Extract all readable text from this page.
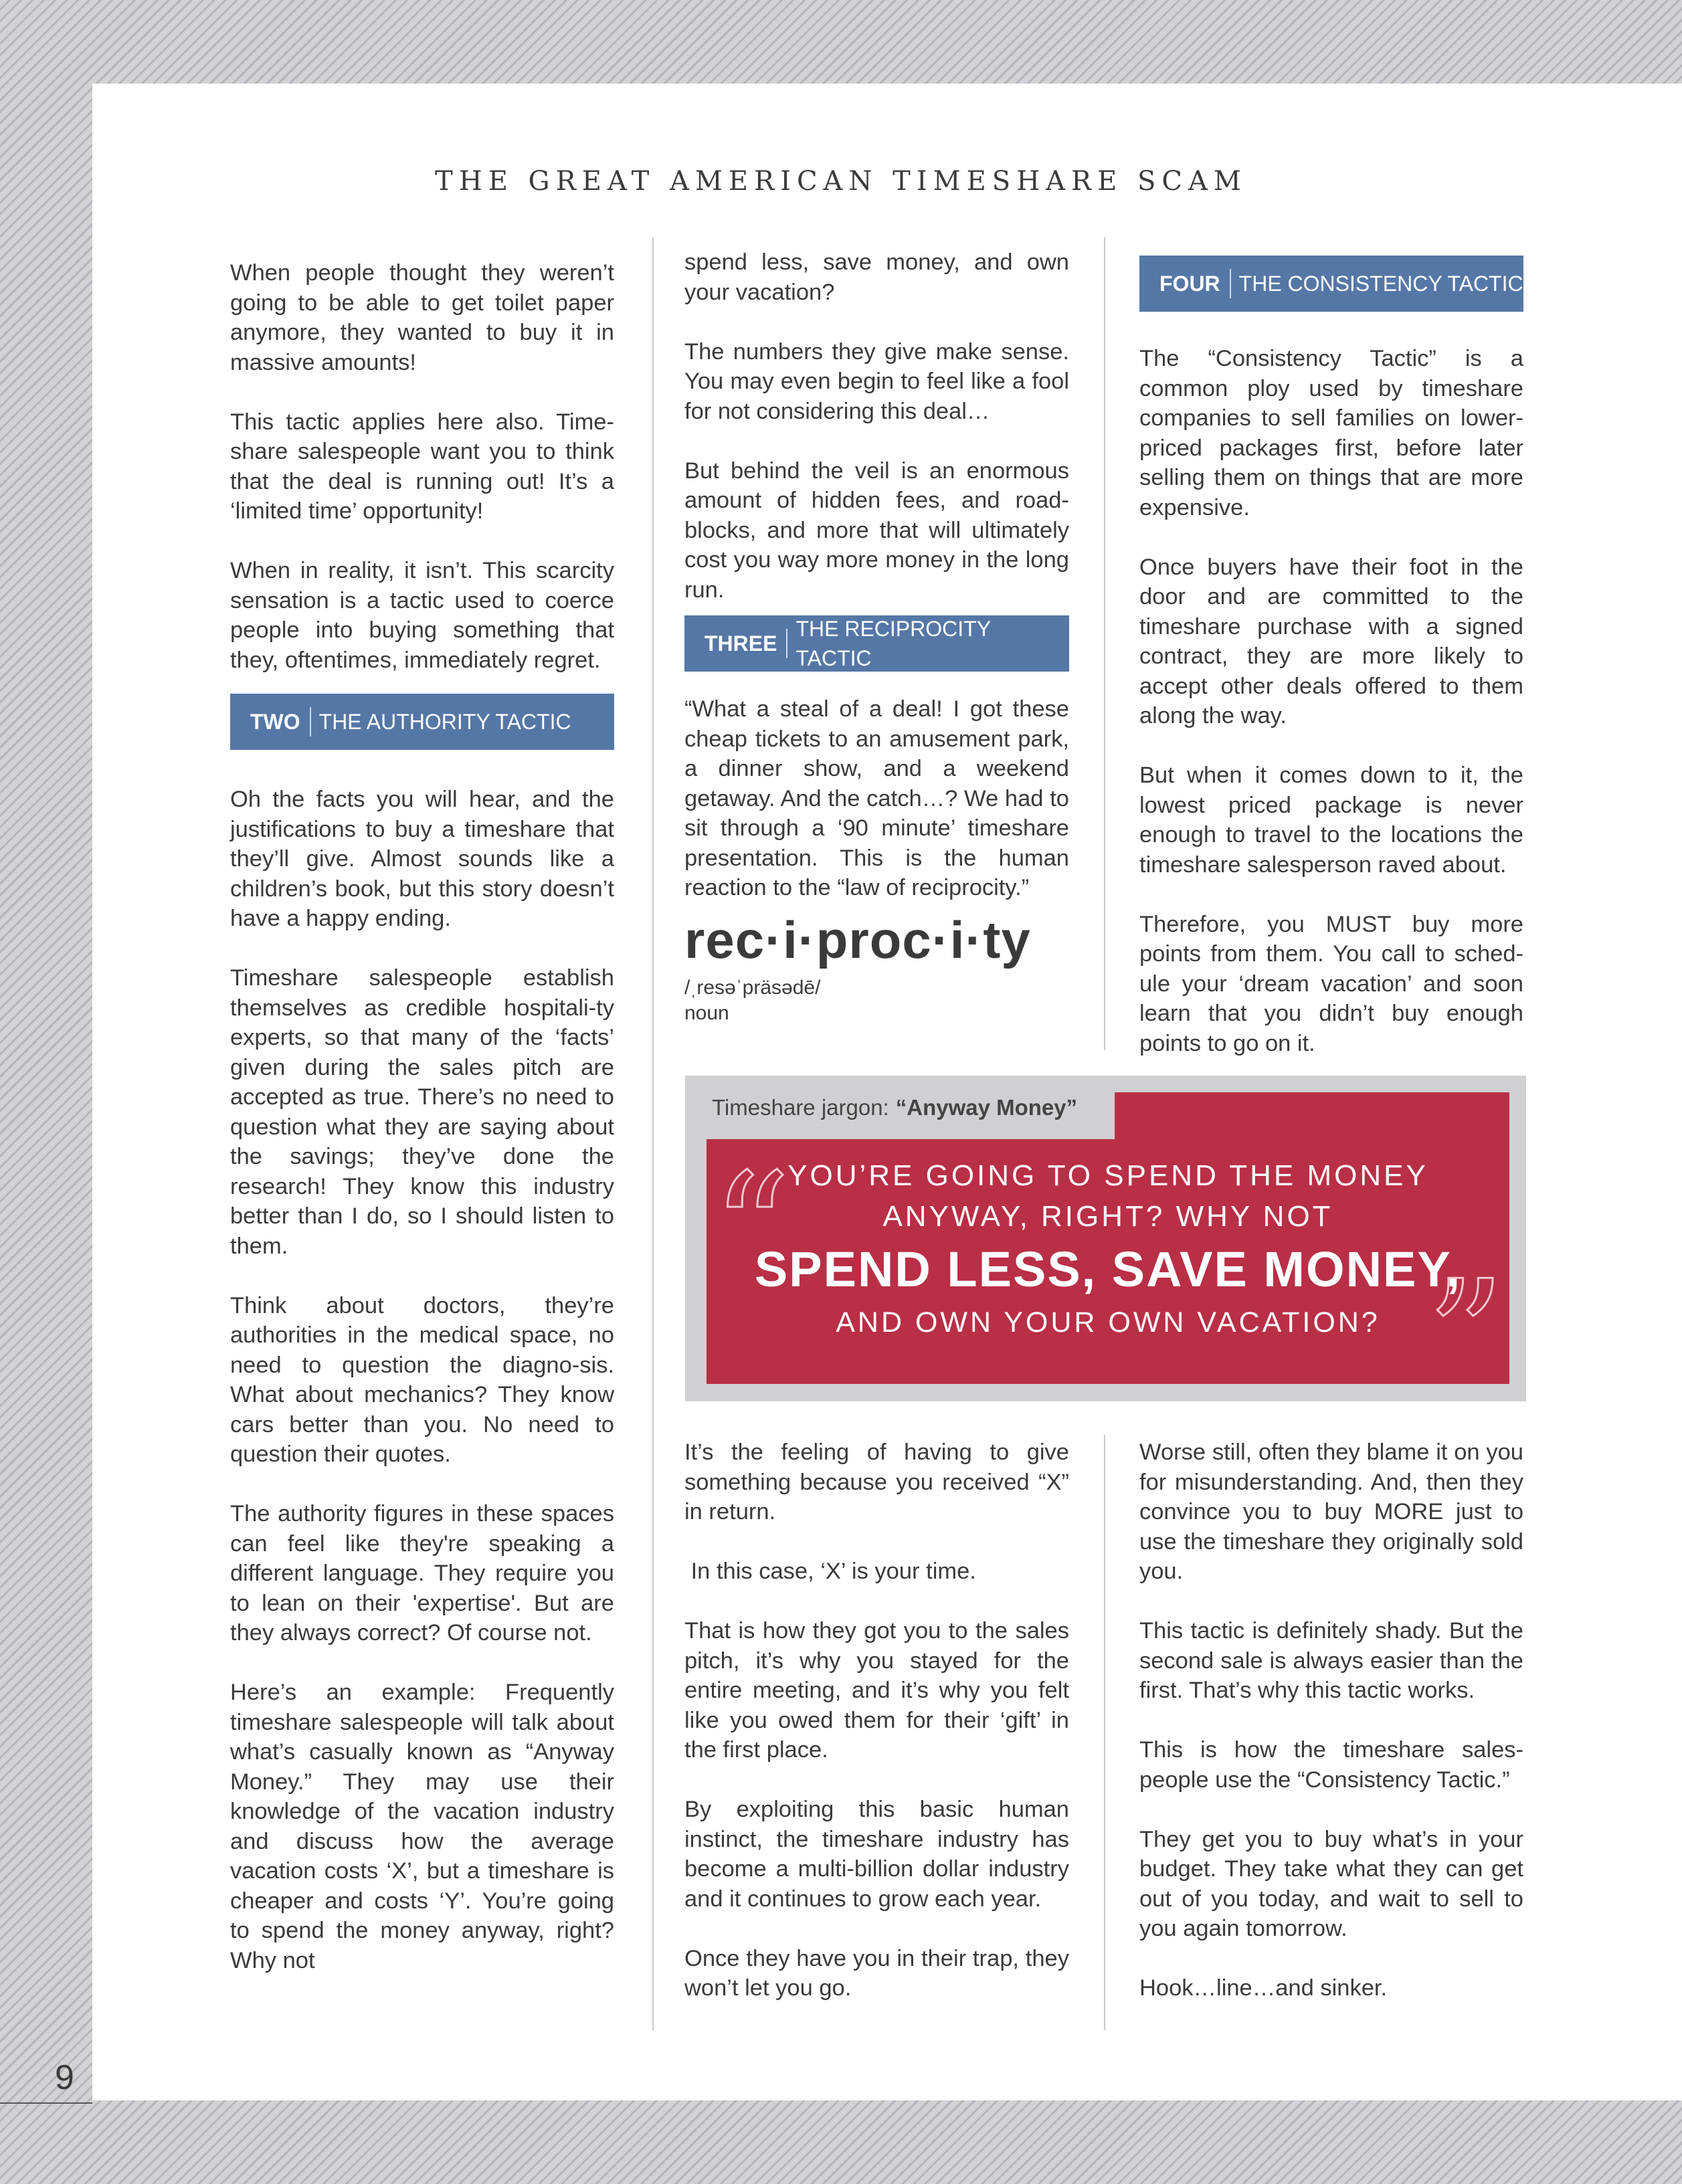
THE GREAT AMERICAN TIMESHARE SCAM

When people thought they weren’t going to be able to get toilet paper anymore, they wanted to buy it in massive amounts!

This tactic applies here also. Time-share salespeople want you to think that the deal is running out! It’s a ‘limited time’ opportunity!

When in reality, it isn’t. This scarcity sensation is a tactic used to coerce people into buying something that they, oftentimes, immediately regret.

TWO THE AUTHORITY TACTIC

Oh the facts you will hear, and the justifications to buy a timeshare that they’ll give. Almost sounds like a children’s book, but this story doesn’t have a happy ending.

Timeshare salespeople establish themselves as credible hospitali-ty experts, so that many of the ‘facts’ given during the sales pitch are accepted as true. There’s no need to question what they are saying about the savings; they’ve done the research! They know this industry better than I do, so I should listen to them.

Think about doctors, they’re authorities in the medical space, no need to question the diagno-sis. What about mechanics? They know cars better than you. No need to question their quotes.

The authority figures in these spaces can feel like they're speaking a different language. They require you to lean on their 'expertise'. But are they always correct? Of course not.

Here’s an example: Frequently timeshare salespeople will talk about what’s casually known as “Anyway Money.” They may use their knowledge of the vacation industry and discuss how the average vacation costs ‘X’, but a timeshare is cheaper and costs ‘Y’. You’re going to spend the money anyway, right? Why not

spend less, save money, and own your vacation?

The numbers they give make sense. You may even begin to feel like a fool for not considering this deal…

But behind the veil is an enormous amount of hidden fees, and road-blocks, and more that will ultimately cost you way more money in the long run.

THREE
THE RECIPROCITY TACTIC

“What a steal of a deal! I got these cheap tickets to an amusement park, a dinner show, and a weekend getaway. And the catch…? We had to sit through a ‘90 minute’ timeshare presentation. This is the human reaction to the “law of reciprocity.”

rec·i·proc·i·ty
/ˌresəˈpräsədē/
noun
FOUR THE CONSISTENCY TACTIC

The “Consistency Tactic” is a common ploy used by timeshare companies to sell families on lower-priced packages first, before later selling them on things that are more expensive.

Once buyers have their foot in the door and are committed to the timeshare purchase with a signed contract, they are more likely to accept other deals offered to them along the way.

But when it comes down to it, the lowest priced package is never enough to travel to the locations the timeshare salesperson raved about.

Therefore, you MUST buy more points from them. You call to sched-ule your ‘dream vacation’ and soon learn that you didn’t buy enough points to go on it.

“
”
YOU’RE GOING TO SPEND THE MONEY
ANYWAY, RIGHT? WHY NOT
SPEND LESS, SAVE MONEY,
AND OWN YOUR OWN VACATION?
Timeshare jargon: “Anyway Money”

It’s the feeling of having to give something because you received “X” in return.

In this case, ‘X’ is your time.

That is how they got you to the sales pitch, it’s why you stayed for the entire meeting, and it’s why you felt like you owed them for their ‘gift’ in the first place.

By exploiting this basic human instinct, the timeshare industry has become a multi-billion dollar industry and it continues to grow each year.

Once they have you in their trap, they won’t let you go.

Worse still, often they blame it on you for misunderstanding. And, then they convince you to buy MORE just to use the timeshare they originally sold you.

This tactic is definitely shady. But the second sale is always easier than the first. That’s why this tactic works.

This is how the timeshare sales-people use the “Consistency Tactic.”

They get you to buy what’s in your budget. They take what they can get out of you today, and wait to sell to you again tomorrow.

Hook…line…and sinker.

9
